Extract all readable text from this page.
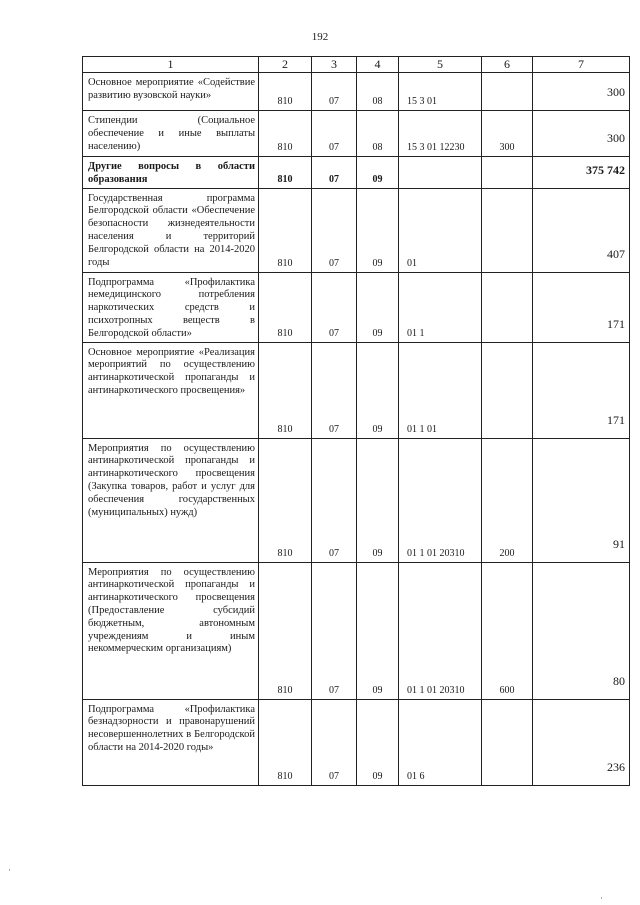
192
1	2	3	4	5	6	7
Основное мероприятие «Содействие развитию вузовской науки»	810	07	08	15 3 01		300
Стипендии (Социальное обеспечение и иные выплаты населению)	810	07	08	15 3 01 12230	300	300
Другие вопросы в области образования	810	07	09			375 742
Государственная программа Белгородской области «Обеспечение безопасности жизнедеятельности населения и территорий Белгородской области на 2014-2020 годы	810	07	09	01		407
Подпрограмма «Профилактика немедицинского потребления наркотических средств и психотропных веществ в Белгородской области»	810	07	09	01 1		171
Основное мероприятие «Реализация мероприятий по осуществлению антинаркотической пропаганды и антинаркотического просвещения»	810	07	09	01 1 01		171
Мероприятия по осуществлению антинаркотической пропаганды и антинаркотического просвещения (Закупка товаров, работ и услуг для обеспечения государственных (муниципальных) нужд)	810	07	09	01 1 01 20310	200	91
Мероприятия по осуществлению антинаркотической пропаганды и антинаркотического просвещения (Предоставление субсидий бюджетным, автономным учреждениям и иным некоммерческим организациям)	810	07	09	01 1 01 20310	600	80
Подпрограмма «Профилактика безнадзорности и правонарушений несовершеннолетних в Белгородской области на 2014-2020 годы»	810	07	09	01 6		236
·
·
